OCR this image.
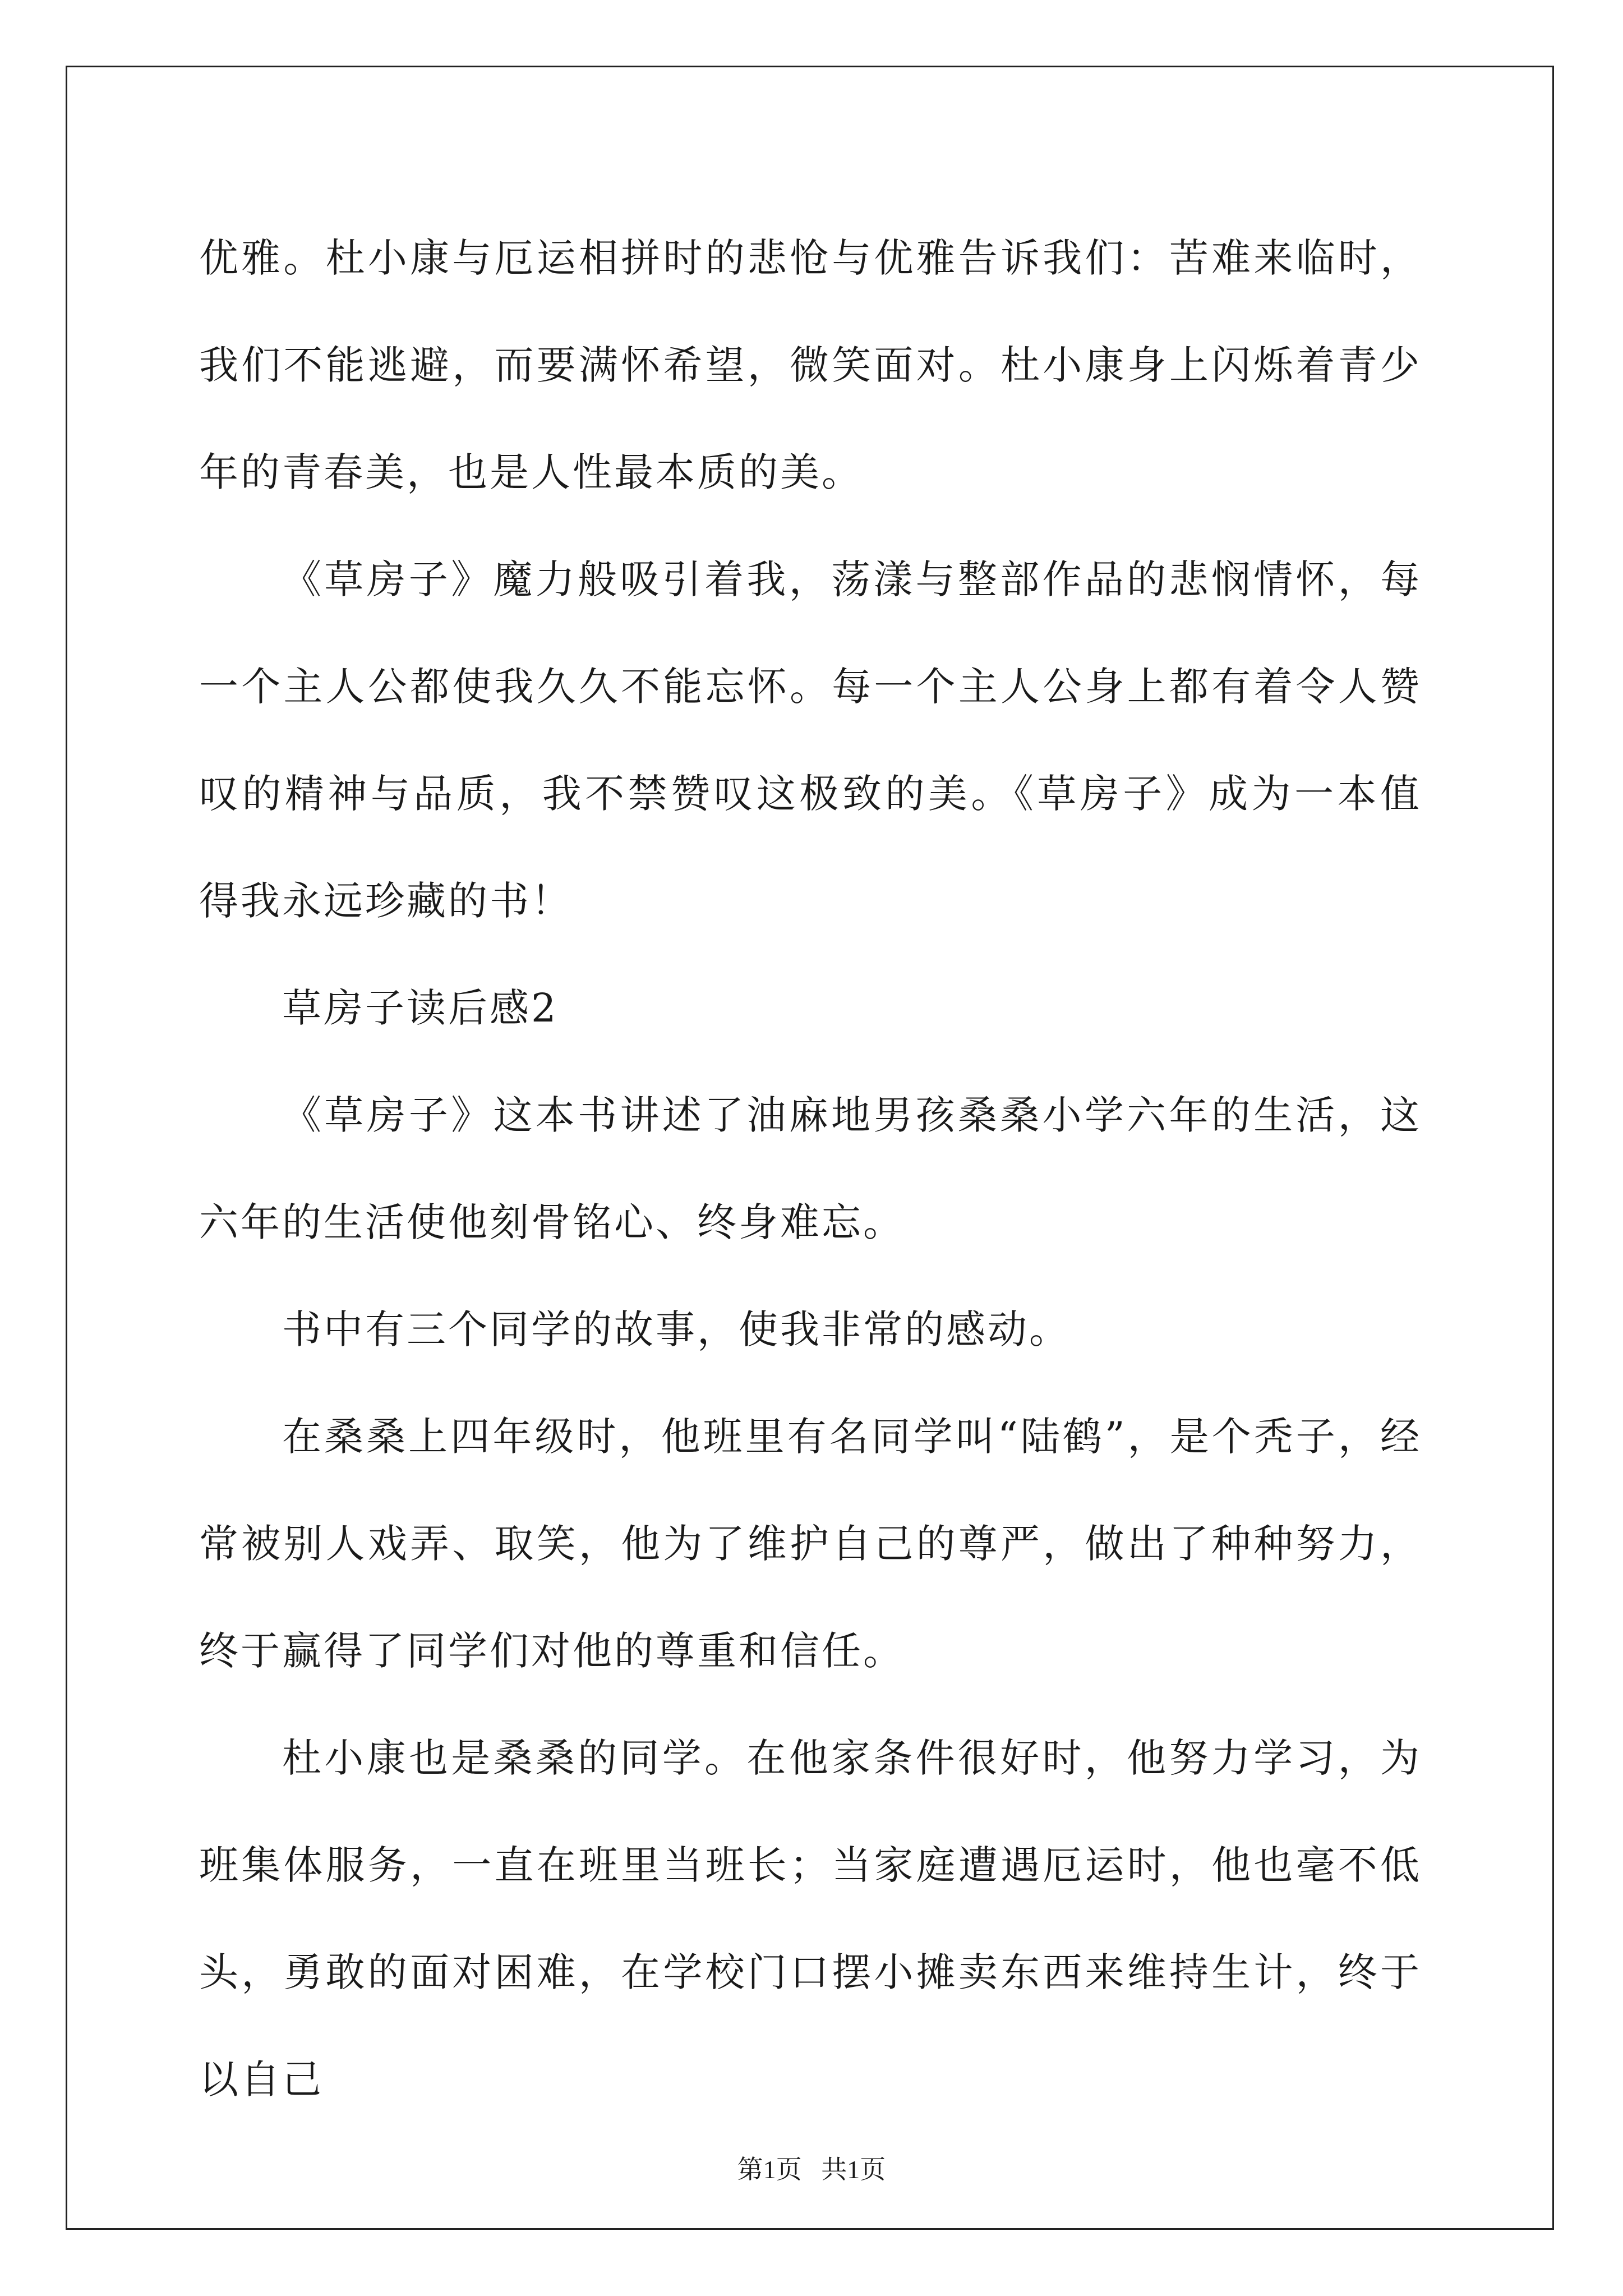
优雅。杜小康与厄运相拼时的悲怆与优雅告诉我们：苦难来临时，我们不能逃避，而要满怀希望，微笑面对。杜小康身上闪烁着青少年的青春美，也是人性最本质的美。

《草房子》魔力般吸引着我，荡漾与整部作品的悲悯情怀，每一个主人公都使我久久不能忘怀。每一个主人公身上都有着令人赞叹的精神与品质，我不禁赞叹这极致的美。《草房子》成为一本值得我永远珍藏的书！

草房子读后感2

《草房子》这本书讲述了油麻地男孩桑桑小学六年的生活，这六年的生活使他刻骨铭心、终身难忘。

书中有三个同学的故事，使我非常的感动。

在桑桑上四年级时，他班里有名同学叫“陆鹤”，是个秃子，经常被别人戏弄、取笑，他为了维护自己的尊严，做出了种种努力，终于赢得了同学们对他的尊重和信任。

杜小康也是桑桑的同学。在他家条件很好时，他努力学习，为班集体服务，一直在班里当班长；当家庭遭遇厄运时，他也毫不低头，勇敢的面对困难，在学校门口摆小摊卖东西来维持生计，终于以自己

第1页   共1页
